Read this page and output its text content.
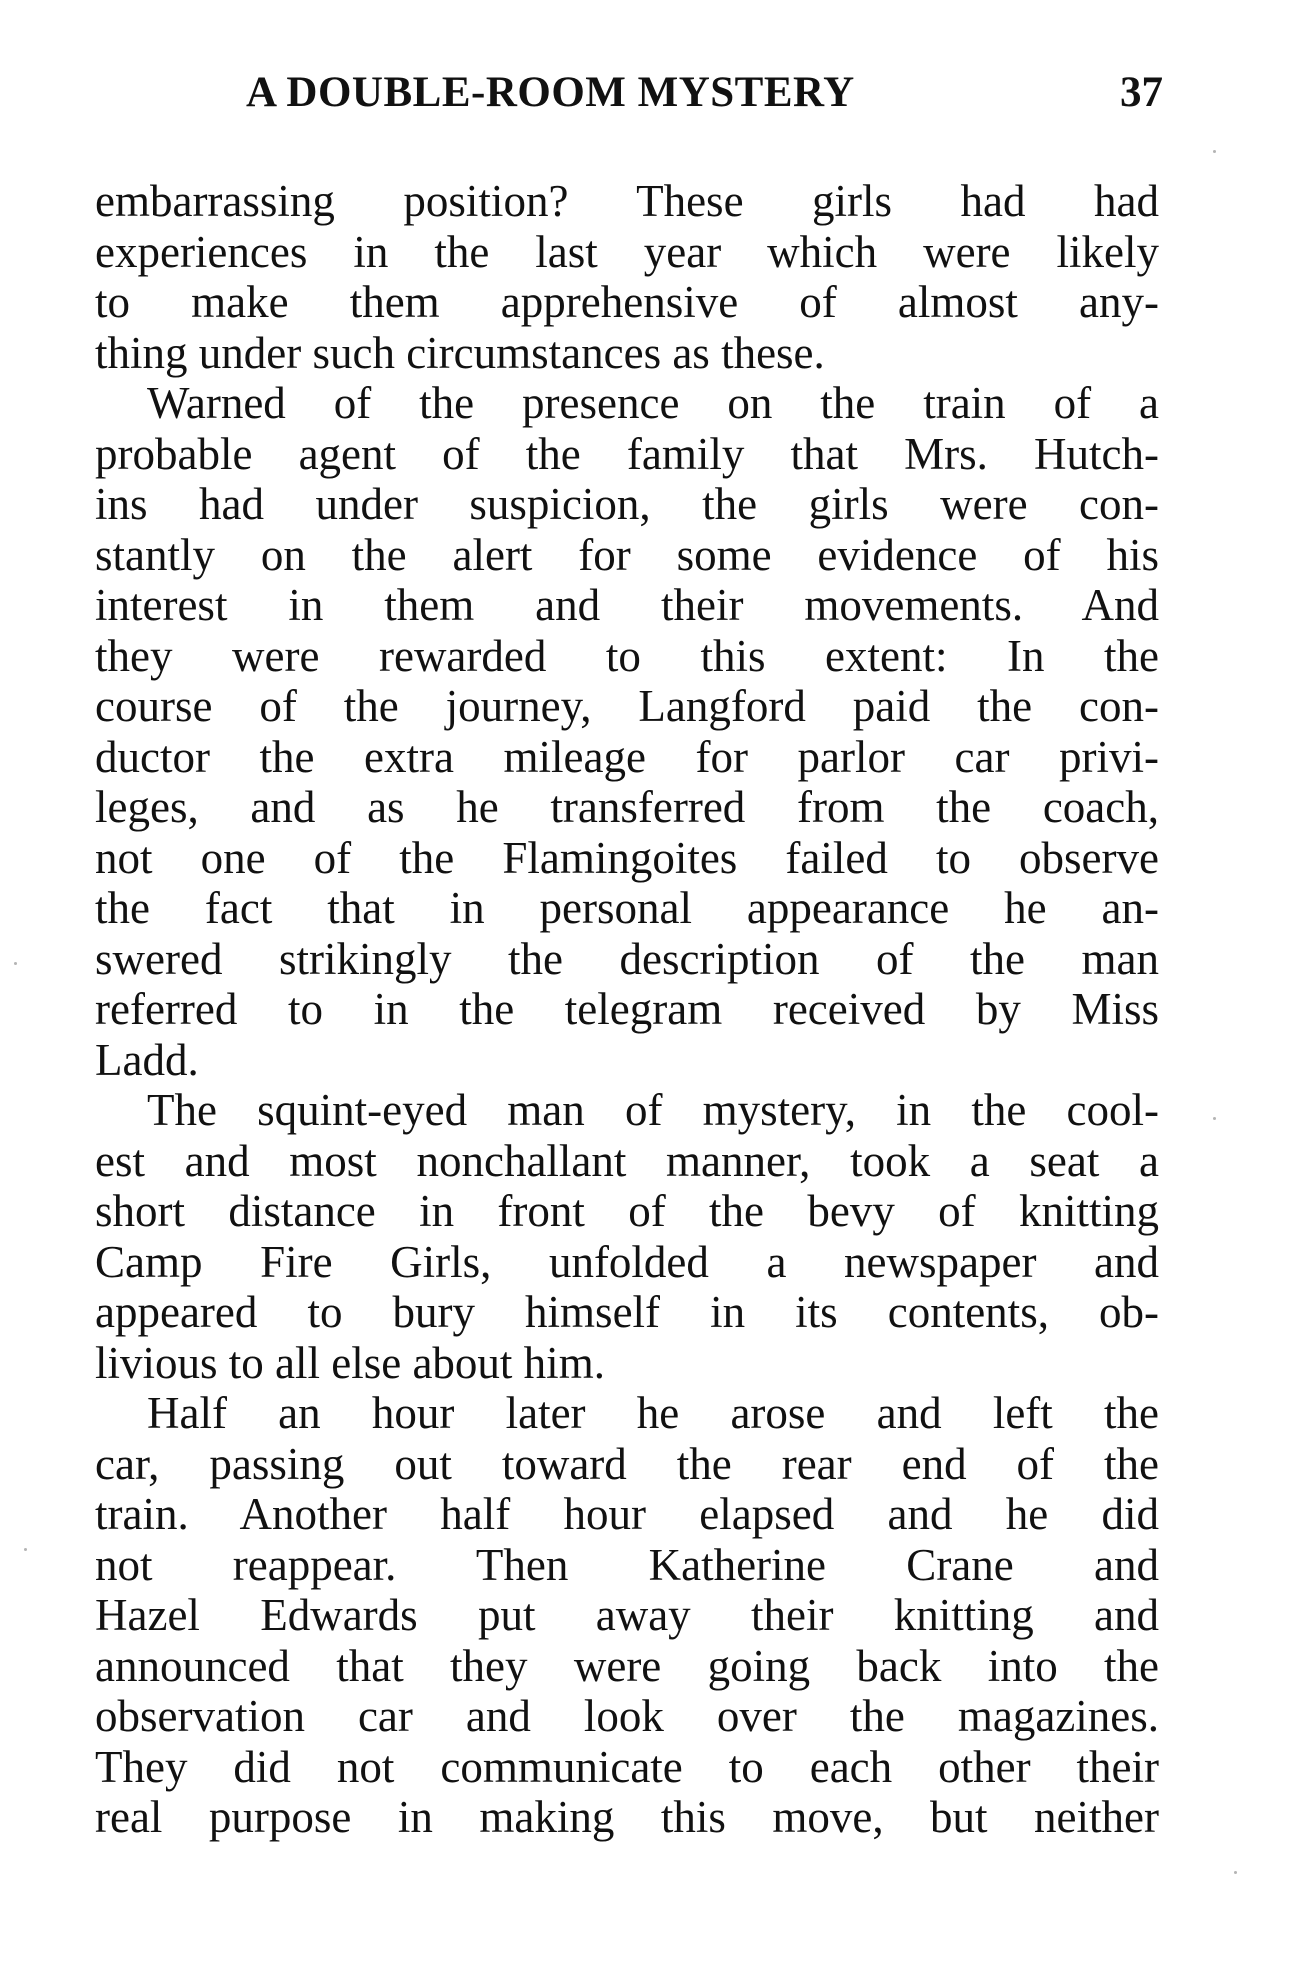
A DOUBLE-ROOM MYSTERY	37
embarrassing position? These girls had had
experiences in the last year which were likely
to make them apprehensive of almost any-
thing under such circumstances as these.
Warned of the presence on the train of a
probable agent of the family that Mrs. Hutch-
ins had under suspicion, the girls were con-
stantly on the alert for some evidence of his
interest in them and their movements. And
they were rewarded to this extent: In the
course of the journey, Langford paid the con-
ductor the extra mileage for parlor car privi-
leges, and as he transferred from the coach,
not one of the Flamingoites failed to observe
the fact that in personal appearance he an-
swered strikingly the description of the man
referred to in the telegram received by Miss
Ladd.
The squint-eyed man of mystery, in the cool-
est and most nonchallant manner, took a seat a
short distance in front of the bevy of knitting
Camp Fire Girls, unfolded a newspaper and
appeared to bury himself in its contents, ob-
livious to all else about him.
Half an hour later he arose and left the
car, passing out toward the rear end of the
train. Another half hour elapsed and he did
not reappear. Then Katherine Crane and
Hazel Edwards put away their knitting and
announced that they were going back into the
observation car and look over the magazines.
They did not communicate to each other their
real purpose in making this move, but neither
